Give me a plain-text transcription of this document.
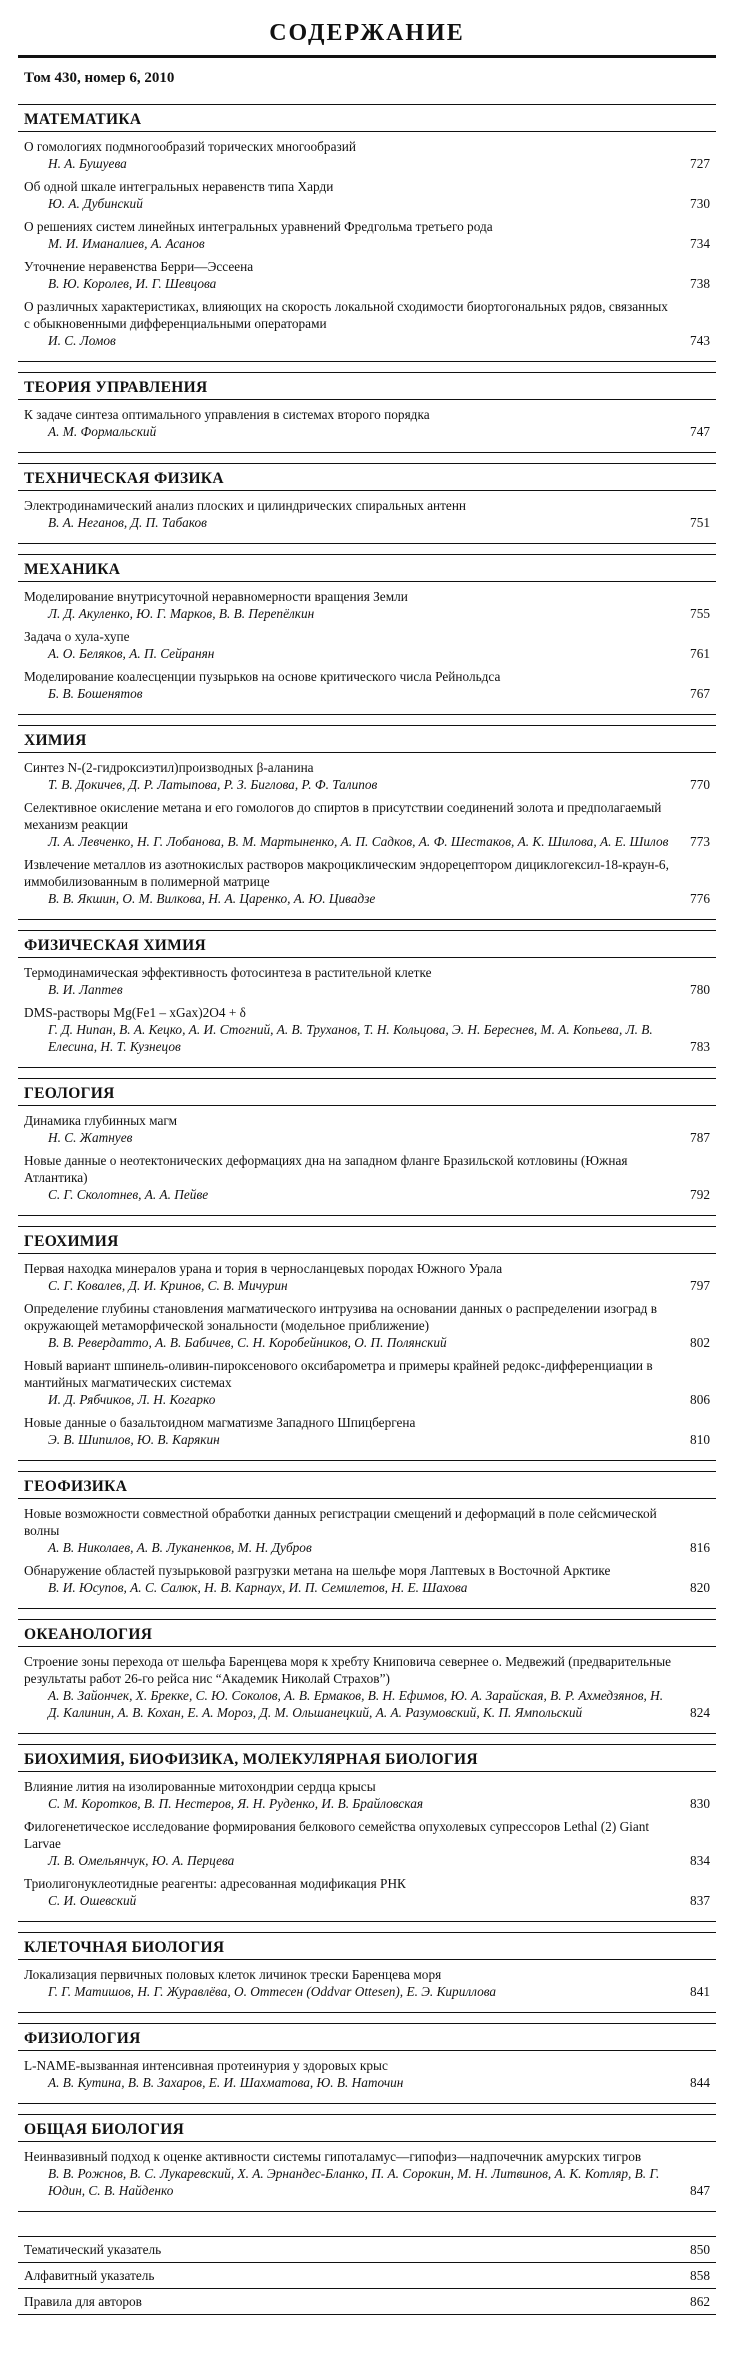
СОДЕРЖАНИЕ
Том 430, номер 6, 2010
МАТЕМАТИКА
О гомологиях подмногообразий торических многообразий
Н. А. Бушуева	727
Об одной шкале интегральных неравенств типа Харди
Ю. А. Дубинский	730
О решениях систем линейных интегральных уравнений Фредгольма третьего рода
М. И. Иманалиев, А. Асанов	734
Уточнение неравенства Берри—Эссеена
В. Ю. Королев, И. Г. Шевцова	738
О различных характеристиках, влияющих на скорость локальной сходимости биортогональных рядов, связанных с обыкновенными дифференциальными операторами
И. С. Ломов	743
ТЕОРИЯ УПРАВЛЕНИЯ
К задаче синтеза оптимального управления в системах второго порядка
А. М. Формальский	747
ТЕХНИЧЕСКАЯ ФИЗИКА
Электродинамический анализ плоских и цилиндрических спиральных антенн
В. А. Неганов, Д. П. Табаков	751
МЕХАНИКА
Моделирование внутрисуточной неравномерности вращения Земли
Л. Д. Акуленко, Ю. Г. Марков, В. В. Перепёлкин	755
Задача о хула-хупе
А. О. Беляков, А. П. Сейранян	761
Моделирование коалесценции пузырьков на основе критического числа Рейнольдса
Б. В. Бошенятов	767
ХИМИЯ
Синтез N-(2-гидроксиэтил)производных β-аланина
Т. В. Докичев, Д. Р. Латыпова, Р. З. Биглова, Р. Ф. Талипов	770
Селективное окисление метана и его гомологов до спиртов в присутствии соединений золота и предполагаемый механизм реакции
Л. А. Левченко, Н. Г. Лобанова, В. М. Мартыненко, А. П. Садков, А. Ф. Шестаков, А. К. Шилова, А. Е. Шилов	773
Извлечение металлов из азотнокислых растворов макроциклическим эндорецептором дициклогексил-18-краун-6, иммобилизованным в полимерной матрице
В. В. Якшин, О. М. Вилкова, Н. А. Царенко, А. Ю. Цивадзе	776
ФИЗИЧЕСКАЯ ХИМИЯ
Термодинамическая эффективность фотосинтеза в растительной клетке
В. И. Лаптев	780
DMS-растворы Mg(Fe1 – xGax)2O4 + δ
Г. Д. Нипан, В. А. Кецко, А. И. Стогний, А. В. Труханов, Т. Н. Кольцова, Э. Н. Береснев, М. А. Копьева, Л. В. Елесина, Н. Т. Кузнецов	783
ГЕОЛОГИЯ
Динамика глубинных магм
Н. С. Жатнуев	787
Новые данные о неотектонических деформациях дна на западном фланге Бразильской котловины (Южная Атлантика)
С. Г. Сколотнев, А. А. Пейве	792
ГЕОХИМИЯ
Первая находка минералов урана и тория в черносланцевых породах Южного Урала
С. Г. Ковалев, Д. И. Кринов, С. В. Мичурин	797
Определение глубины становления магматического интрузива на основании данных о распределении изоград в окружающей метаморфической зональности (модельное приближение)
В. В. Ревердатто, А. В. Бабичев, С. Н. Коробейников, О. П. Полянский	802
Новый вариант шпинель-оливин-пироксенового оксибарометра и примеры крайней редокс-дифференциации в мантийных магматических системах
И. Д. Рябчиков, Л. Н. Когарко	806
Новые данные о базальтоидном магматизме Западного Шпицбергена
Э. В. Шипилов, Ю. В. Карякин	810
ГЕОФИЗИКА
Новые возможности совместной обработки данных регистрации смещений и деформаций в поле сейсмической волны
А. В. Николаев, А. В. Луканенков, М. Н. Дубров	816
Обнаружение областей пузырьковой разгрузки метана на шельфе моря Лаптевых в Восточной Арктике
В. И. Юсупов, А. С. Салюк, Н. В. Карнаух, И. П. Семилетов, Н. Е. Шахова	820
ОКЕАНОЛОГИЯ
Строение зоны перехода от шельфа Баренцева моря к хребту Книповича севернее о. Медвежий (предварительные результаты работ 26-го рейса нис “Академик Николай Страхов”)
А. В. Зайончек, Х. Брекке, С. Ю. Соколов, А. В. Ермаков, В. Н. Ефимов, Ю. А. Зарайская, В. Р. Ахмедзянов, Н. Д. Калинин, А. В. Кохан, Е. А. Мороз, Д. М. Ольшанецкий, А. А. Разумовский, К. П. Ямпольский	824
БИОХИМИЯ, БИОФИЗИКА, МОЛЕКУЛЯРНАЯ БИОЛОГИЯ
Влияние лития на изолированные митохондрии сердца крысы
С. М. Коротков, В. П. Нестеров, Я. Н. Руденко, И. В. Брайловская	830
Филогенетическое исследование формирования белкового семейства опухолевых супрессоров Lethal (2) Giant Larvae
Л. В. Омельянчук, Ю. А. Перцева	834
Триолигонуклеотидные реагенты: адресованная модификация РНК
С. И. Ошевский	837
КЛЕТОЧНАЯ БИОЛОГИЯ
Локализация первичных половых клеток личинок трески Баренцева моря
Г. Г. Матишов, Н. Г. Журавлёва, О. Оттесен (Oddvar Ottesen), Е. Э. Кириллова	841
ФИЗИОЛОГИЯ
L-NAME-вызванная интенсивная протеинурия у здоровых крыс
А. В. Кутина, В. В. Захаров, Е. И. Шахматова, Ю. В. Наточин	844
ОБЩАЯ БИОЛОГИЯ
Неинвазивный подход к оценке активности системы гипоталамус—гипофиз—надпочечник амурских тигров
В. В. Рожнов, В. С. Лукаревский, Х. А. Эрнандес-Бланко, П. А. Сорокин, М. Н. Литвинов, А. К. Котляр, В. Г. Юдин, С. В. Найденко	847
Тематический указатель	850
Алфавитный указатель	858
Правила для авторов	862
